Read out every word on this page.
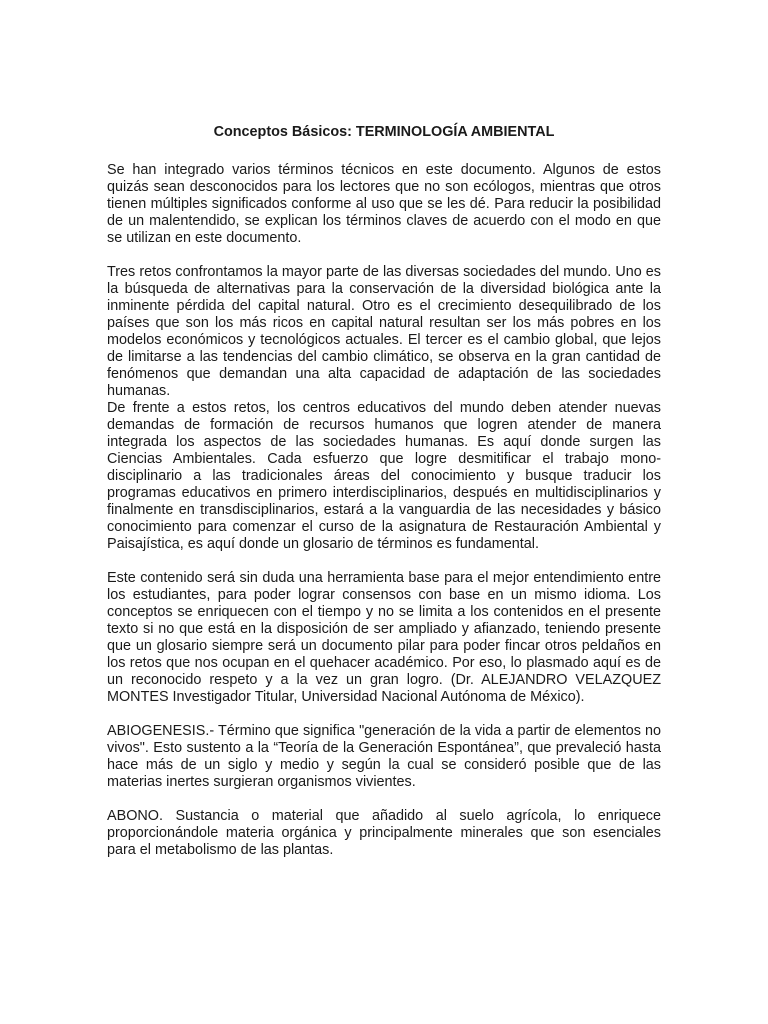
Conceptos Básicos: TERMINOLOGÍA AMBIENTAL

Se han integrado varios términos técnicos en este documento. Algunos de estos quizás sean desconocidos para los lectores que no son ecólogos, mientras que otros tienen múltiples significados conforme al uso que se les dé. Para reducir la posibilidad de un malentendido, se explican los términos claves de acuerdo con el modo en que se utilizan en este documento.

Tres retos confrontamos la mayor parte de las diversas sociedades del mundo. Uno es la búsqueda de alternativas para la conservación de la diversidad biológica ante la inminente pérdida del capital natural. Otro es el crecimiento desequilibrado de los países que son los más ricos en capital natural resultan ser los más pobres en los modelos económicos y tecnológicos actuales. El tercer es el cambio global, que lejos de limitarse a las tendencias del cambio climático, se observa en la gran cantidad de fenómenos que demandan una alta capacidad de adaptación de las sociedades humanas.

De frente a estos retos, los centros educativos del mundo deben atender nuevas demandas de formación de recursos humanos que logren atender de manera integrada los aspectos de las sociedades humanas. Es aquí donde surgen las Ciencias Ambientales. Cada esfuerzo que logre desmitificar el trabajo mono-disciplinario a las tradicionales áreas del conocimiento y busque traducir los programas educativos en primero interdisciplinarios, después en multidisciplinarios y finalmente en transdisciplinarios, estará a la vanguardia de las necesidades y básico conocimiento para comenzar el curso de la asignatura de Restauración Ambiental y Paisajística, es aquí donde un glosario de términos es fundamental.

Este contenido será sin duda una herramienta base para el mejor entendimiento entre los estudiantes, para poder lograr consensos con base en un mismo idioma. Los conceptos se enriquecen con el tiempo y no se limita a los contenidos en el presente texto si no que está en la disposición de ser ampliado y afianzado, teniendo presente que un glosario siempre será un documento pilar para poder fincar otros peldaños en los retos que nos ocupan en el quehacer académico. Por eso, lo plasmado aquí es de un reconocido respeto y a la vez un gran logro. (Dr. ALEJANDRO VELAZQUEZ MONTES Investigador Titular, Universidad Nacional Autónoma de México).

ABIOGENESIS.- Término que significa "generación de la vida a partir de elementos no vivos". Esto sustento a la “Teoría de la Generación Espontánea”, que prevaleció hasta hace más de un siglo y medio y según la cual se consideró posible que de las materias inertes surgieran organismos vivientes.

ABONO. Sustancia o material que añadido al suelo agrícola, lo enriquece proporcionándole materia orgánica y principalmente minerales que son esenciales para el metabolismo de las plantas.
